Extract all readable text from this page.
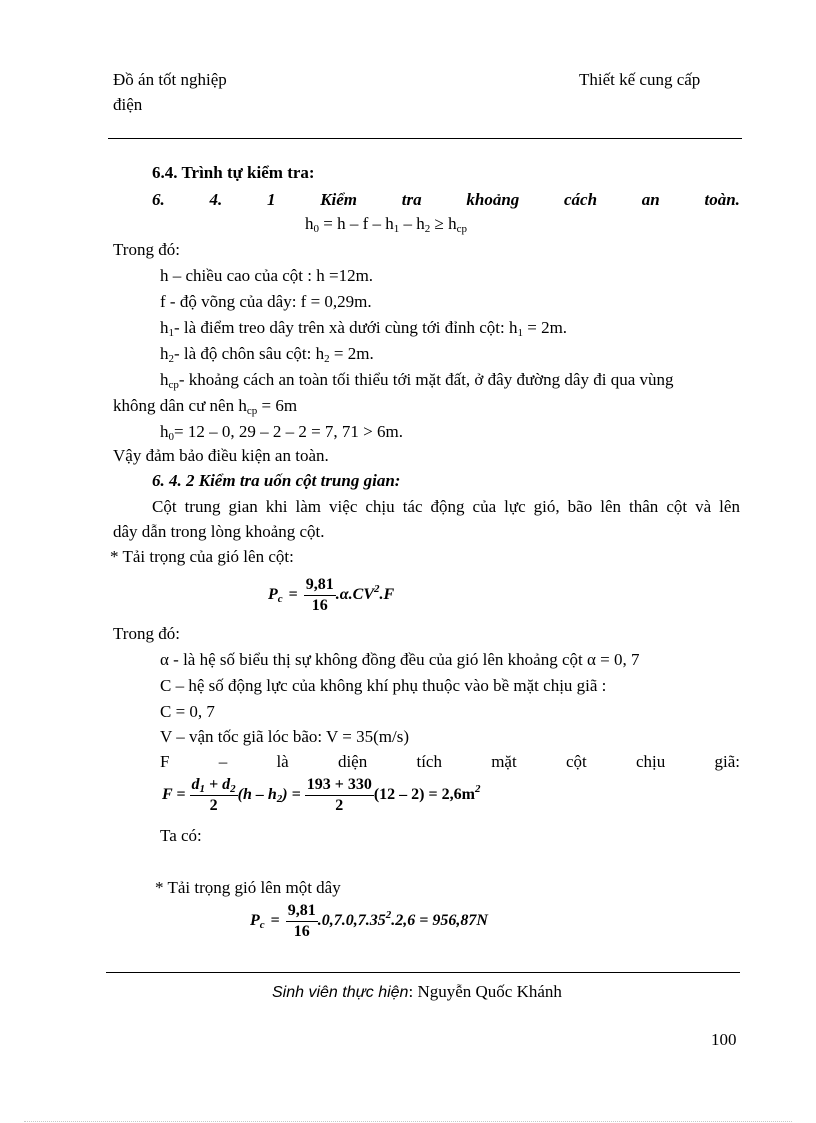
Đồ án tốt nghiệp
điện
Thiết kế cung cấp
6.4. Trình tự kiểm tra:
6.	4.	1	Kiểm	tra	khoảng	cách	an	toàn.
$h_0 = h - f - h_1 - h_2 \ge h_{cp}$
Trong đó:
h – chiều cao của cột : h =12m.
f - độ võng của dây: f = 0,29m.
$h_1-$ là điểm treo dây trên xà dưới cùng tới đỉnh cột: $h_1 = 2m$.
$h_2-$ là độ chôn sâu cột: $h_2 = 2m$.
$h_{cp}-$ khoảng cách an toàn tối thiểu tới mặt đất, ở đây đường dây đi qua vùng
không dân cư nên $h_{cp} = 6m$
$h_0= 12 - 0$, 29 – 2 – 2 = 7, 71 > 6m.
Vậy đảm bảo điều kiện an toàn.
6. 4. 2 Kiểm tra uốn cột trung gian:
Cột trung gian khi làm việc chịu tác động của lực gió, bão lên thân cột và lên
dây dẫn trong lòng khoảng cột.
* Tải trọng của gió lên cột:
$P_c = \frac{9,81}{16} .\alpha.CV^2.F$
Trong đó:
α - là hệ số biểu thị sự không đồng đều của gió lên khoảng cột α = 0, 7
C – hệ số động lực của không khí phụ thuộc vào bề mặt chịu giã :
C = 0, 7
V – vận tốc giã lóc bão: V = 35(m/s)
F	–	là	diện	tích	mặt	cột	chịu	giã:
$F = \frac{d_1 + d_2}{2} (h - h_2) = \frac{193 + 330}{2} (12 - 2) = 2,6m^2$
Ta có:
* Tải trọng gió lên một dây
$P_c = \frac{9,81}{16} .0,7.0,7.35^2.2,6 = 956,87N$
Sinh viên thực hiện: Nguyễn Quốc Khánh
100
